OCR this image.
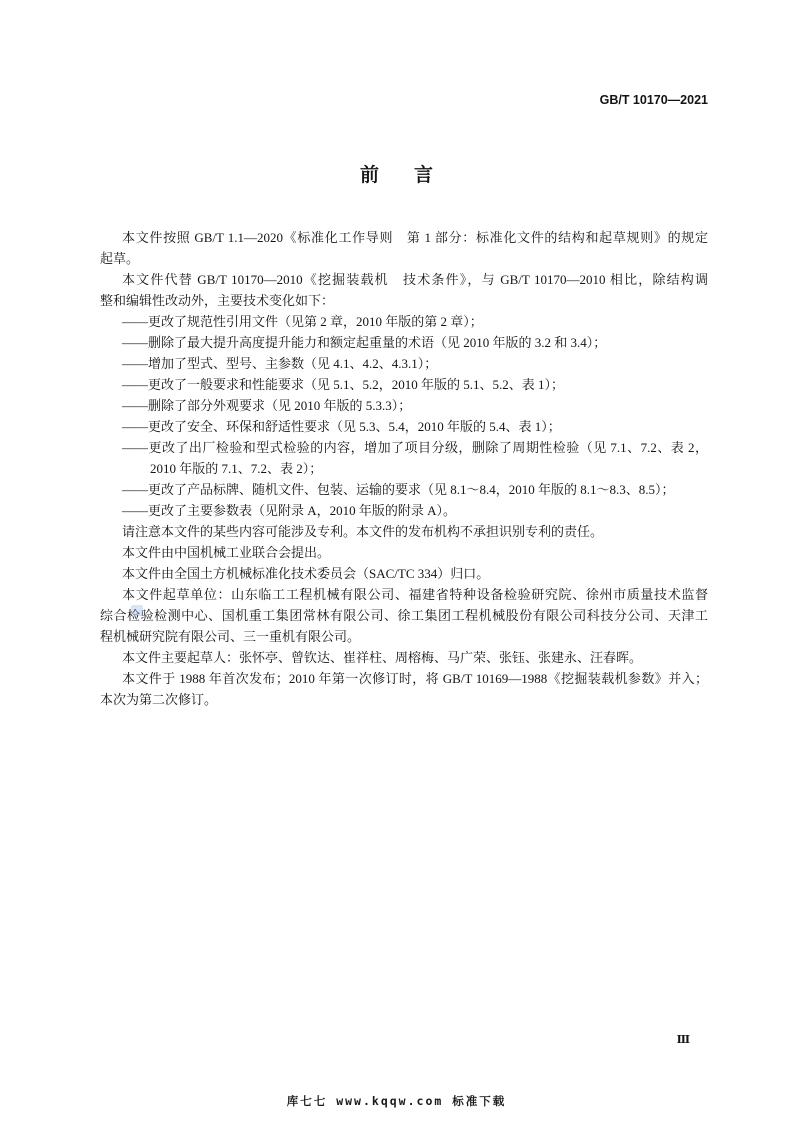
GB/T 10170—2021
前　言
本文件按照 GB/T 1.1—2020《标准化工作导则　第 1 部分：标准化文件的结构和起草规则》的规定
起草。
本文件代替 GB/T 10170—2010《挖掘装载机　技术条件》，与 GB/T 10170—2010 相比，除结构调
整和编辑性改动外，主要技术变化如下：
——更改了规范性引用文件（见第 2 章，2010 年版的第 2 章）；
——删除了最大提升高度提升能力和额定起重量的术语（见 2010 年版的 3.2 和 3.4）；
——增加了型式、型号、主参数（见 4.1、4.2、4.3.1）；
——更改了一般要求和性能要求（见 5.1、5.2，2010 年版的 5.1、5.2、表 1）；
——删除了部分外观要求（见 2010 年版的 5.3.3）；
——更改了安全、环保和舒适性要求（见 5.3、5.4，2010 年版的 5.4、表 1）；
——更改了出厂检验和型式检验的内容，增加了项目分级，删除了周期性检验（见 7.1、7.2、表 2，
2010 年版的 7.1、7.2、表 2）；
——更改了产品标牌、随机文件、包装、运输的要求（见 8.1～8.4，2010 年版的 8.1～8.3、8.5）；
——更改了主要参数表（见附录 A，2010 年版的附录 A）。
请注意本文件的某些内容可能涉及专利。本文件的发布机构不承担识别专利的责任。
本文件由中国机械工业联合会提出。
本文件由全国土方机械标准化技术委员会（SAC/TC 334）归口。
本文件起草单位：山东临工工程机械有限公司、福建省特种设备检验研究院、徐州市质量技术监督
综合检验检测中心、国机重工集团常林有限公司、徐工集团工程机械股份有限公司科技分公司、天津工
程机械研究院有限公司、三一重机有限公司。
本文件主要起草人：张怀亭、曾钦达、崔祥柱、周榕梅、马广荣、张钰、张建永、汪春晖。
本文件于 1988 年首次发布；2010 年第一次修订时，将 GB/T 10169—1988《挖掘装载机参数》并入；
本次为第二次修订。
Ⅲ
库七七 www.kqqw.com 标准下载
